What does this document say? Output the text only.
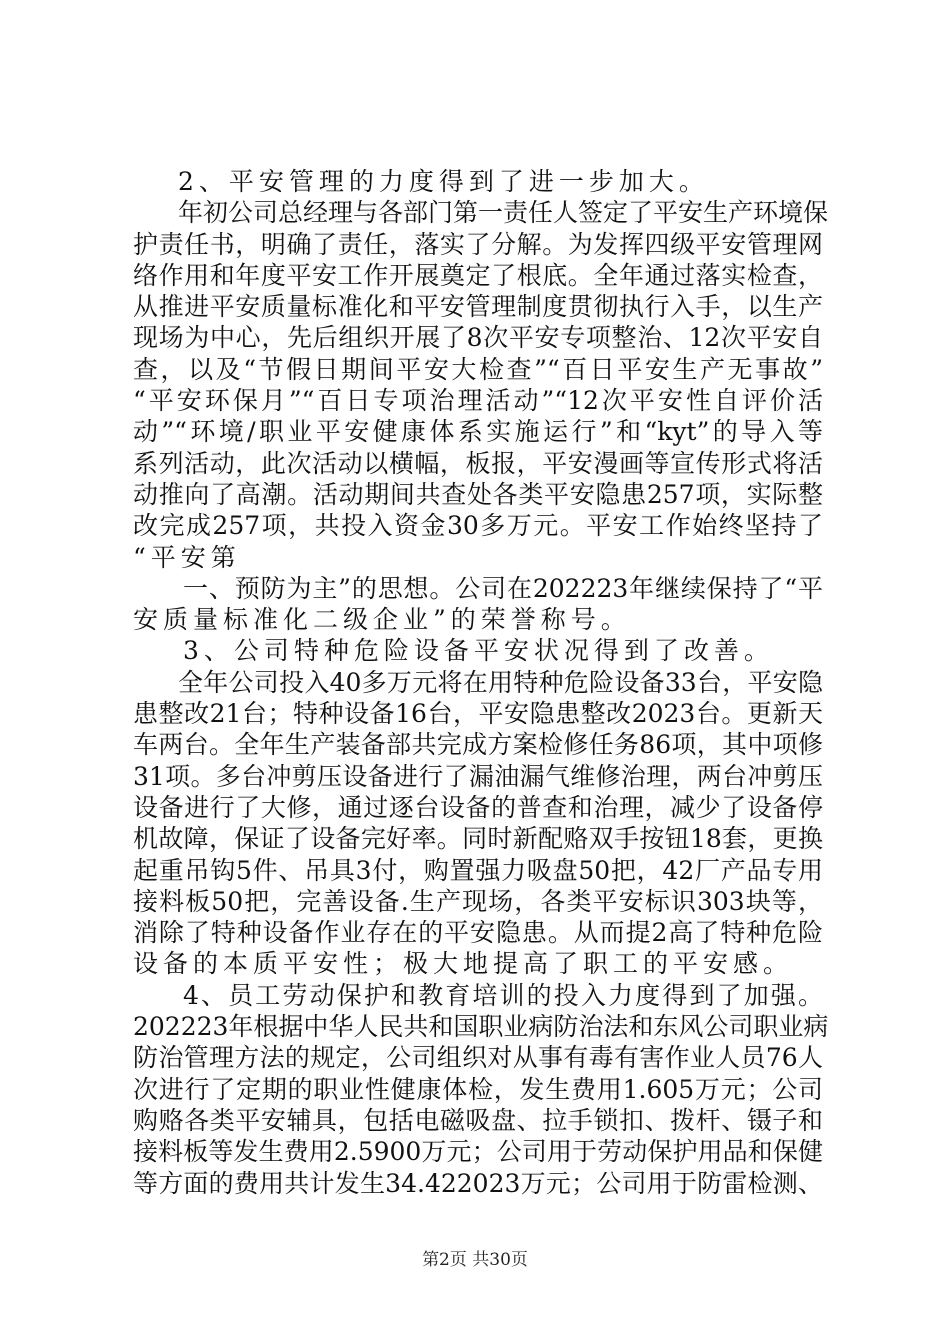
2、平安管理的力度得到了进一步加大。
年初公司总经理与各部门第一责任人签定了平安生产环境保
护责任书，明确了责任，落实了分解。为发挥四级平安管理网
络作用和年度平安工作开展奠定了根底。全年通过落实检查，
从推进平安质量标准化和平安管理制度贯彻执行入手，以生产
现场为中心，先后组织开展了8次平安专项整治、12次平安自
查，以及“节假日期间平安大检查”“百日平安生产无事故”
“平安环保月”“百日专项治理活动”“12次平安性自评价活
动”“环境/职业平安健康体系实施运行”和“kyt”的导入等
系列活动，此次活动以横幅，板报，平安漫画等宣传形式将活
动推向了高潮。活动期间共查处各类平安隐患257项，实际整
改完成257项，共投入资金30多万元。平安工作始终坚持了
“平安第
一、预防为主”的思想。公司在202223年继续保持了“平
安质量标准化二级企业”的荣誉称号。
3、公司特种危险设备平安状况得到了改善。
全年公司投入40多万元将在用特种危险设备33台，平安隐
患整改21台；特种设备16台，平安隐患整改2023台。更新天
车两台。全年生产装备部共完成方案检修任务86项，其中项修
31项。多台冲剪压设备进行了漏油漏气维修治理，两台冲剪压
设备进行了大修，通过逐台设备的普查和治理，减少了设备停
机故障，保证了设备完好率。同时新配赂双手按钮18套，更换
起重吊钩5件、吊具3付，购置强力吸盘50把，42厂产品专用
接料板50把，完善设备.生产现场，各类平安标识303块等，
消除了特种设备作业存在的平安隐患。从而提2高了特种危险
设备的本质平安性；极大地提高了职工的平安感。
4、员工劳动保护和教育培训的投入力度得到了加强。
202223年根据中华人民共和国职业病防治法和东风公司职业病
防治管理方法的规定，公司组织对从事有毒有害作业人员76人
次进行了定期的职业性健康体检，发生费用1.605万元；公司
购赂各类平安辅具，包括电磁吸盘、拉手锁扣、拨杆、镊子和
接料板等发生费用2.5900万元；公司用于劳动保护用品和保健
等方面的费用共计发生34.422023万元；公司用于防雷检测、
第2页 共30页
